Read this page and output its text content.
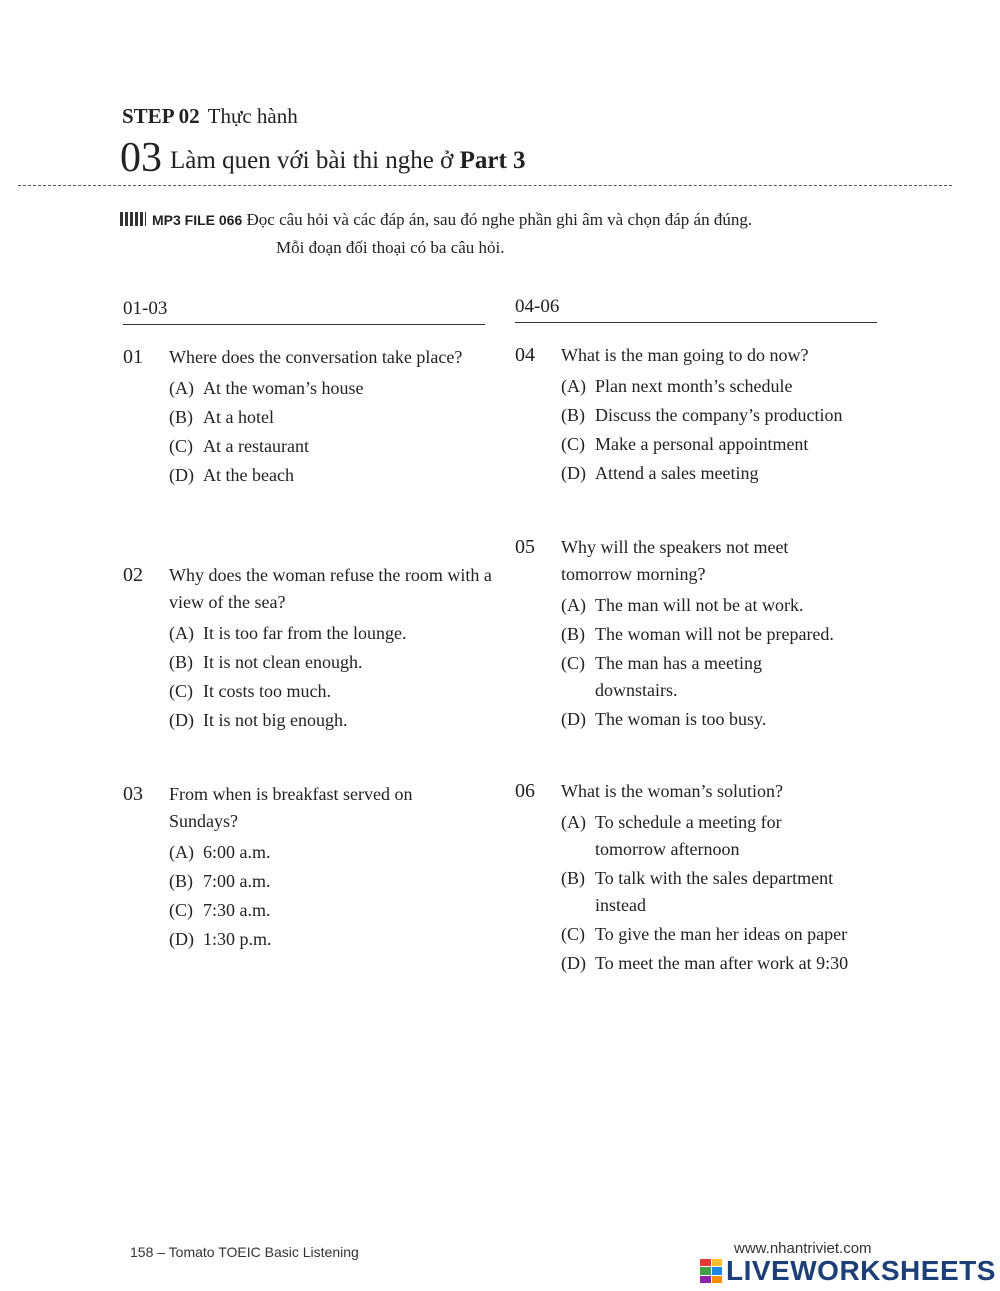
STEP 02 Thực hành
03 Làm quen với bài thi nghe ở Part 3
MP3 FILE 066 Đọc câu hỏi và các đáp án, sau đó nghe phần ghi âm và chọn đáp án đúng.
Mỗi đoạn đối thoại có ba câu hỏi.
01-03
01 Where does the conversation take place?
(A) At the woman’s house
(B) At a hotel
(C) At a restaurant
(D) At the beach
02 Why does the woman refuse the room with a view of the sea?
(A) It is too far from the lounge.
(B) It is not clean enough.
(C) It costs too much.
(D) It is not big enough.
03 From when is breakfast served on Sundays?
(A) 6:00 a.m.
(B) 7:00 a.m.
(C) 7:30 a.m.
(D) 1:30 p.m.
04-06
04 What is the man going to do now?
(A) Plan next month’s schedule
(B) Discuss the company’s production
(C) Make a personal appointment
(D) Attend a sales meeting
05 Why will the speakers not meet tomorrow morning?
(A) The man will not be at work.
(B) The woman will not be prepared.
(C) The man has a meeting downstairs.
(D) The woman is too busy.
06 What is the woman’s solution?
(A) To schedule a meeting for tomorrow afternoon
(B) To talk with the sales department instead
(C) To give the man her ideas on paper
(D) To meet the man after work at 9:30
158 – Tomato TOEIC Basic Listening	www.nhantriviet.com
LIVEWORKSHEETS
